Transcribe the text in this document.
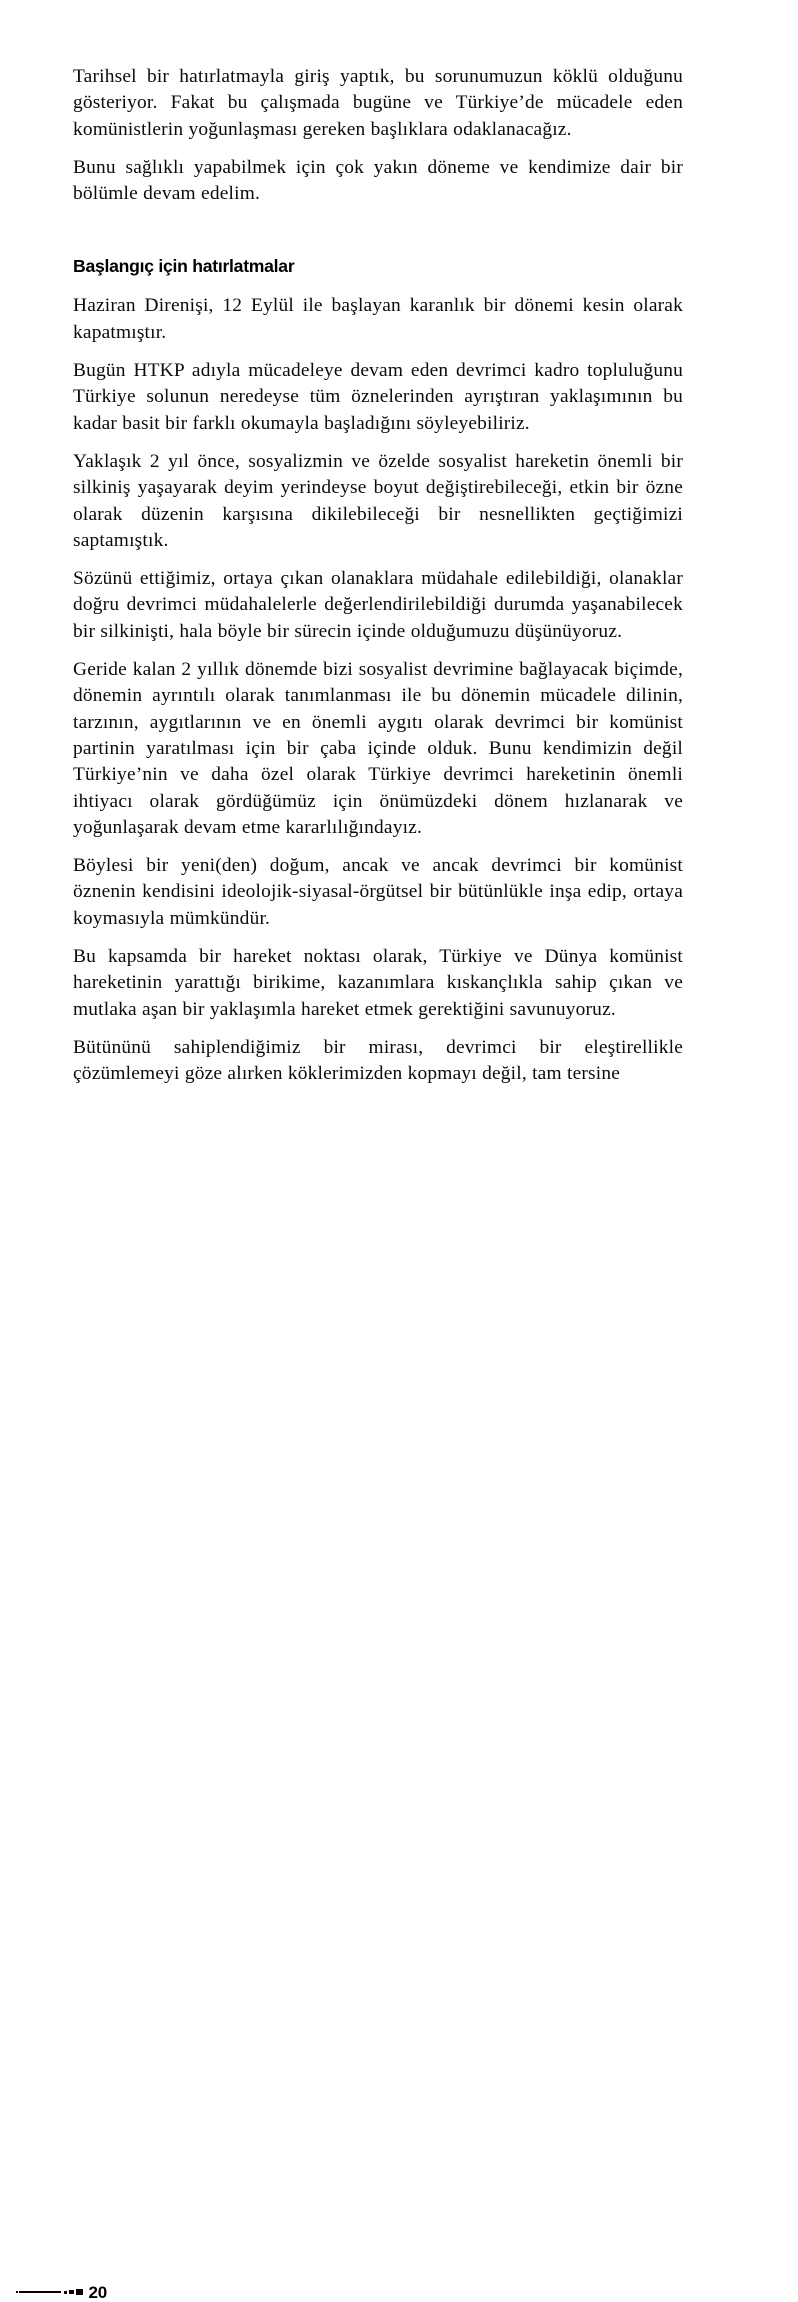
Tarihsel bir hatırlatmayla giriş yaptık, bu sorunumuzun köklü olduğunu gösteriyor. Fakat bu çalışmada bugüne ve Türkiye’de mücadele eden komünistlerin yoğunlaşması gereken başlıklara odaklanacağız.

Bunu sağlıklı yapabilmek için çok yakın döneme ve kendimize dair bir bölümle devam edelim.

Başlangıç için hatırlatmalar

Haziran Direnişi, 12 Eylül ile başlayan karanlık bir dönemi kesin olarak kapatmıştır.

Bugün HTKP adıyla mücadeleye devam eden devrimci kadro topluluğunu Türkiye solunun neredeyse tüm öznelerinden ayrıştıran yaklaşımının bu kadar basit bir farklı okumayla başladığını söyleyebiliriz.

Yaklaşık 2 yıl önce, sosyalizmin ve özelde sosyalist hareketin önemli bir silkiniş yaşayarak deyim yerindeyse boyut değiştirebileceği, etkin bir özne olarak düzenin karşısına dikilebileceği bir nesnellikten geçtiğimizi saptamıştık.

Sözünü ettiğimiz, ortaya çıkan olanaklara müdahale edilebildiği, olanaklar doğru devrimci müdahalelerle değerlendirilebildiği durumda yaşanabilecek bir silkinişti, hala böyle bir sürecin içinde olduğumuzu düşünüyoruz.

Geride kalan 2 yıllık dönemde bizi sosyalist devrimine bağlayacak biçimde, dönemin ayrıntılı olarak tanımlanması ile bu dönemin mücadele dilinin, tarzının, aygıtlarının ve en önemli aygıtı olarak devrimci bir komünist partinin yaratılması için bir çaba içinde olduk. Bunu kendimizin değil Türkiye’nin ve daha özel olarak Türkiye devrimci hareketinin önemli ihtiyacı olarak gördüğümüz için önümüzdeki dönem hızlanarak ve yoğunlaşarak devam etme kararlılığındayız.

Böylesi bir yeni(den) doğum, ancak ve ancak devrimci bir komünist öznenin kendisini ideolojik-siyasal-örgütsel bir bütünlükle inşa edip, ortaya koymasıyla mümkündür.

Bu kapsamda bir hareket noktası olarak, Türkiye ve Dünya komünist hareketinin yarattığı birikime, kazanımlara kıskançlıkla sahip çıkan ve mutlaka aşan bir yaklaşımla hareket etmek gerektiğini savunuyoruz.

Bütününü sahiplendiğimiz bir mirası, devrimci bir eleştirellikle çözümlemeyi göze alırken köklerimizden kopmayı değil, tam tersine

20
